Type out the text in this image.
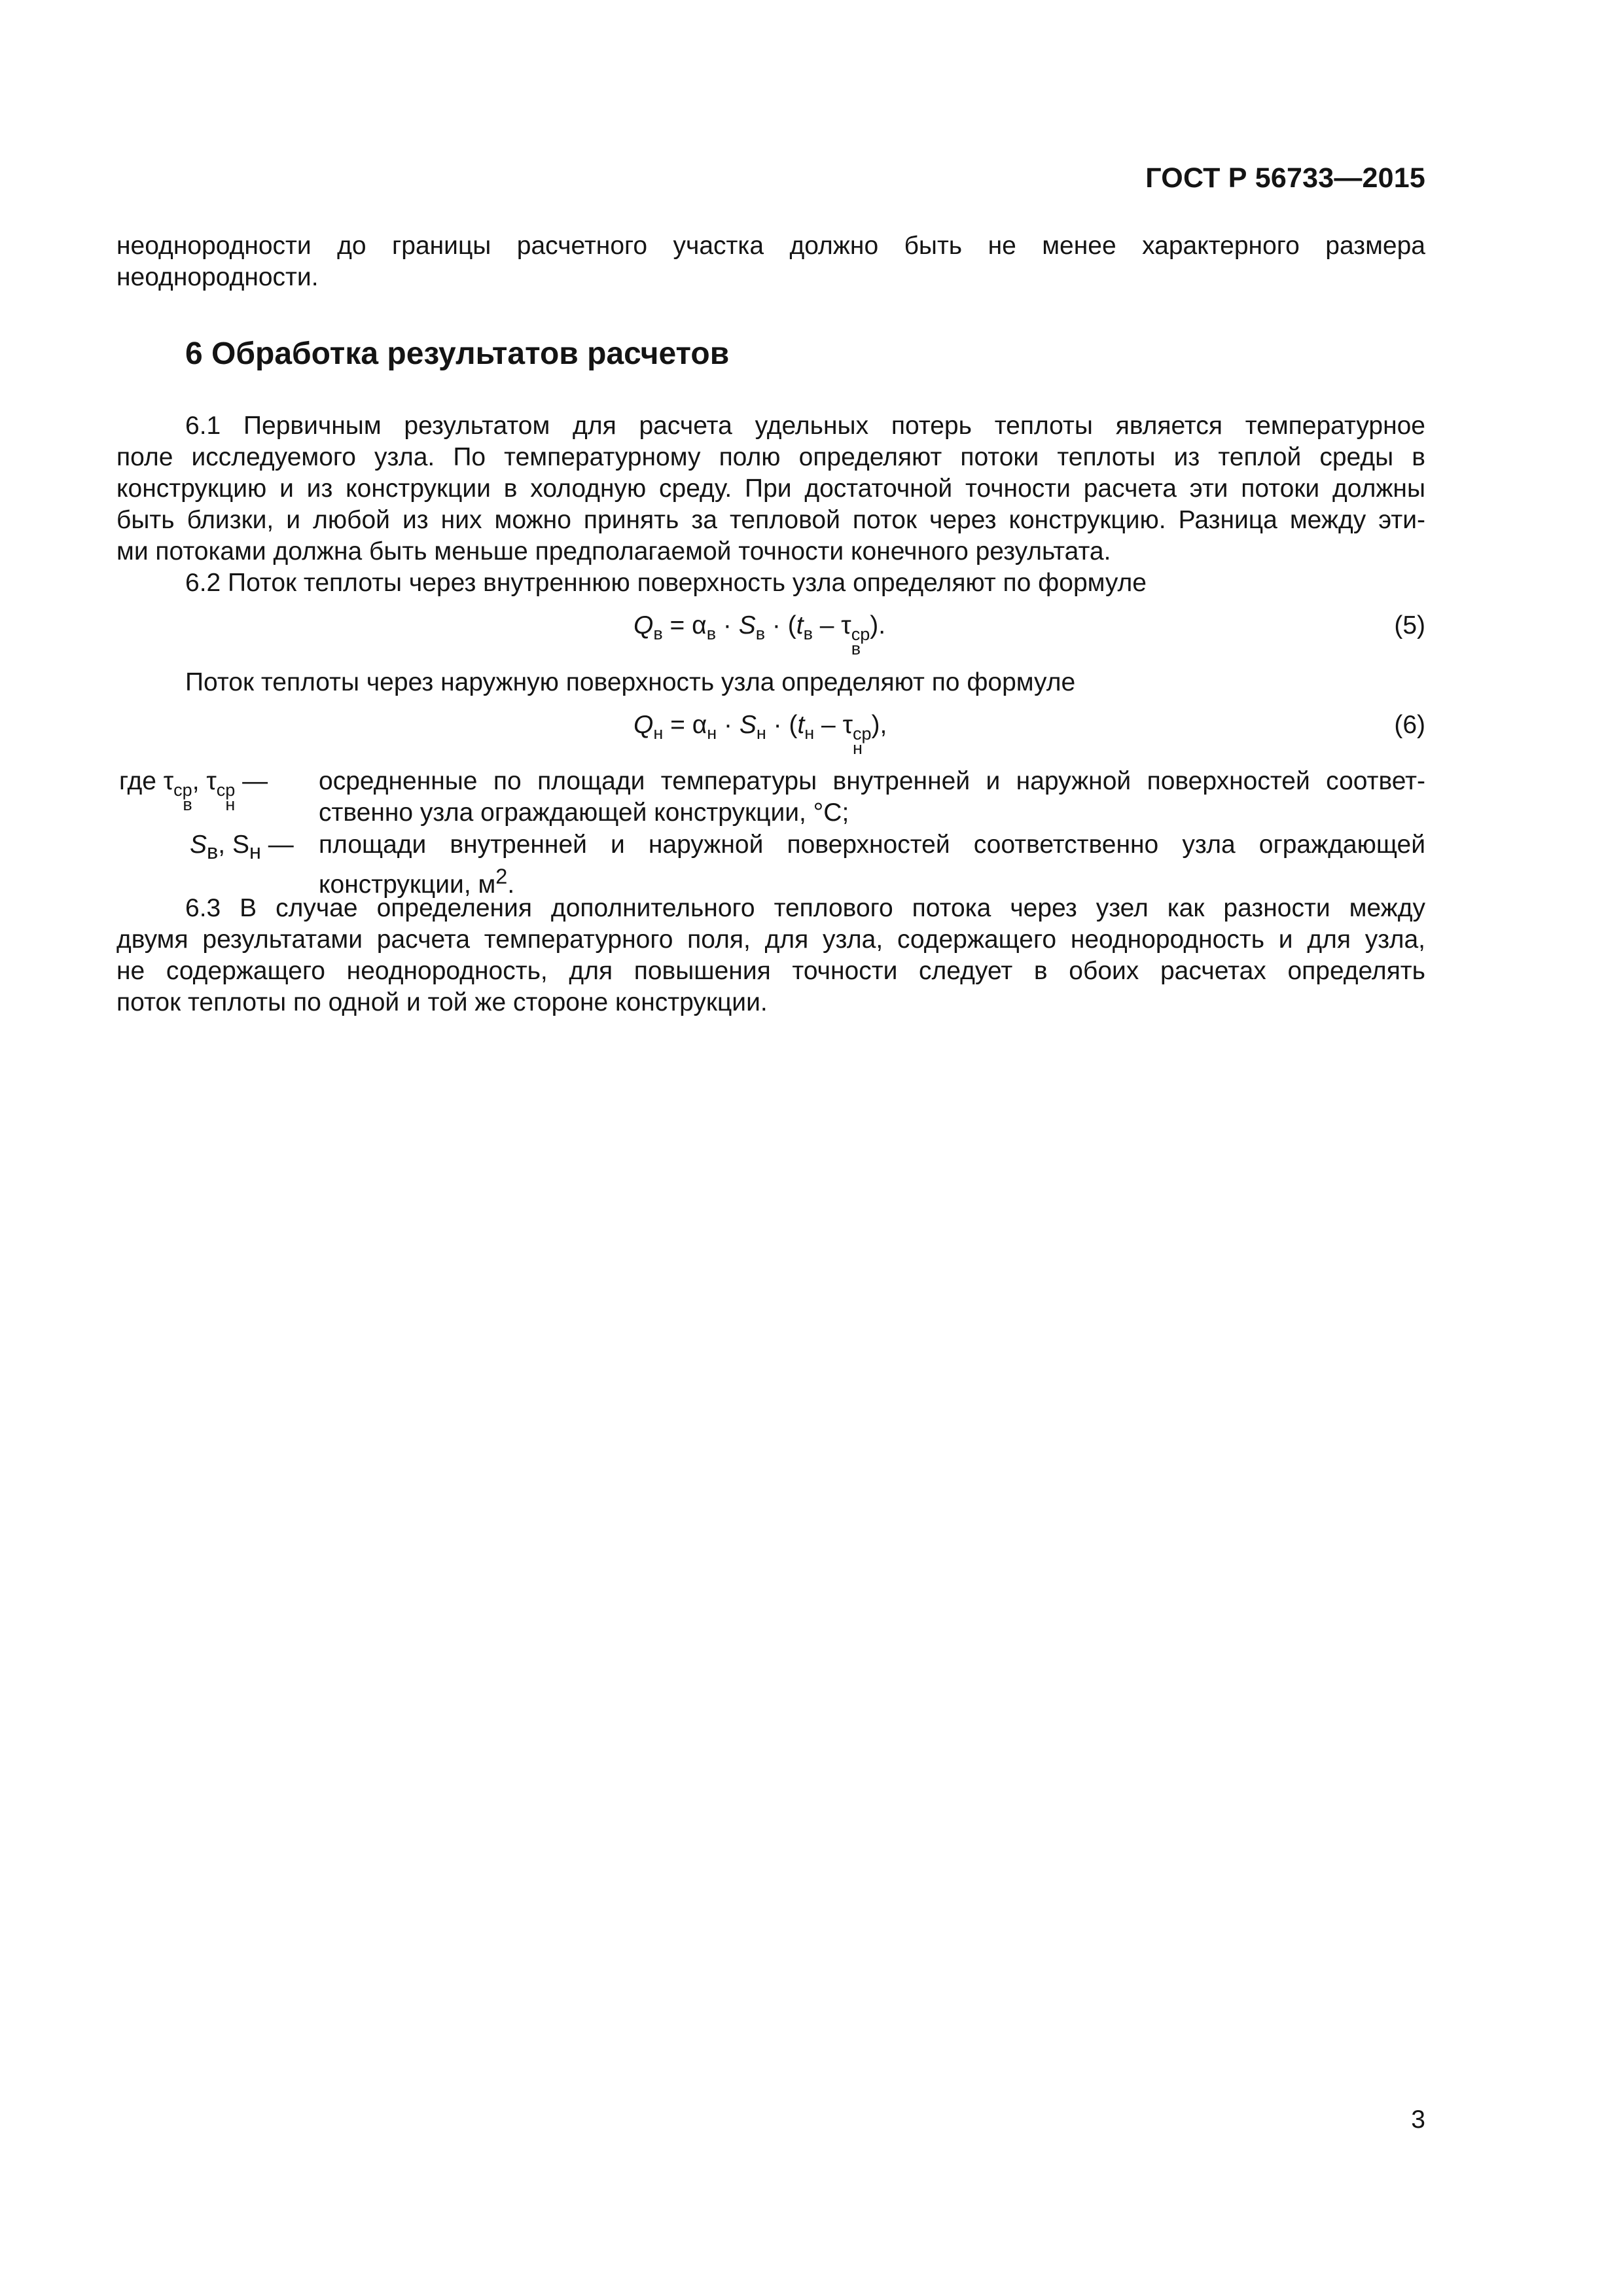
ГОСТ Р 56733—2015
неоднородности до границы расчетного участка должно быть не менее характерного размера
неоднородности.
6 Обработка результатов расчетов
6.1 Первичным результатом для расчета удельных потерь теплоты является температурное
поле исследуемого узла. По температурному полю определяют потоки теплоты из теплой среды в
конструкцию и из конструкции в холодную среду. При достаточной точности расчета эти потоки должны
быть близки, и любой из них можно принять за тепловой поток через конструкцию. Разница между эти-
ми потоками должна быть меньше предполагаемой точности конечного результата.
6.2 Поток теплоты через внутреннюю поверхность узла определяют по формуле
$Q_в = \alpha_в \cdot S_в \cdot (t_в - \tau$ ср
в
).	(5)
Поток теплоты через наружную поверхность узла определяют по формуле
$Q_н = \alpha_н \cdot S_н \cdot (t_н - \tau$ ср
н
),	(6)
где τ ср
в
, τ ср
н
— осредненные по площади температуры внутренней и наружной поверхностей соответ-
ственно узла ограждающей конструкции, °С;
$S_в$, $S_н$ — площади внутренней и наружной поверхностей соответственно узла ограждающей
конструкции, $м^2$.
6.3 В случае определения дополнительного теплового потока через узел как разности между
двумя результатами расчета температурного поля, для узла, содержащего неоднородность и для узла,
не содержащего неоднородность, для повышения точности следует в обоих расчетах определять
поток теплоты по одной и той же стороне конструкции.
3
